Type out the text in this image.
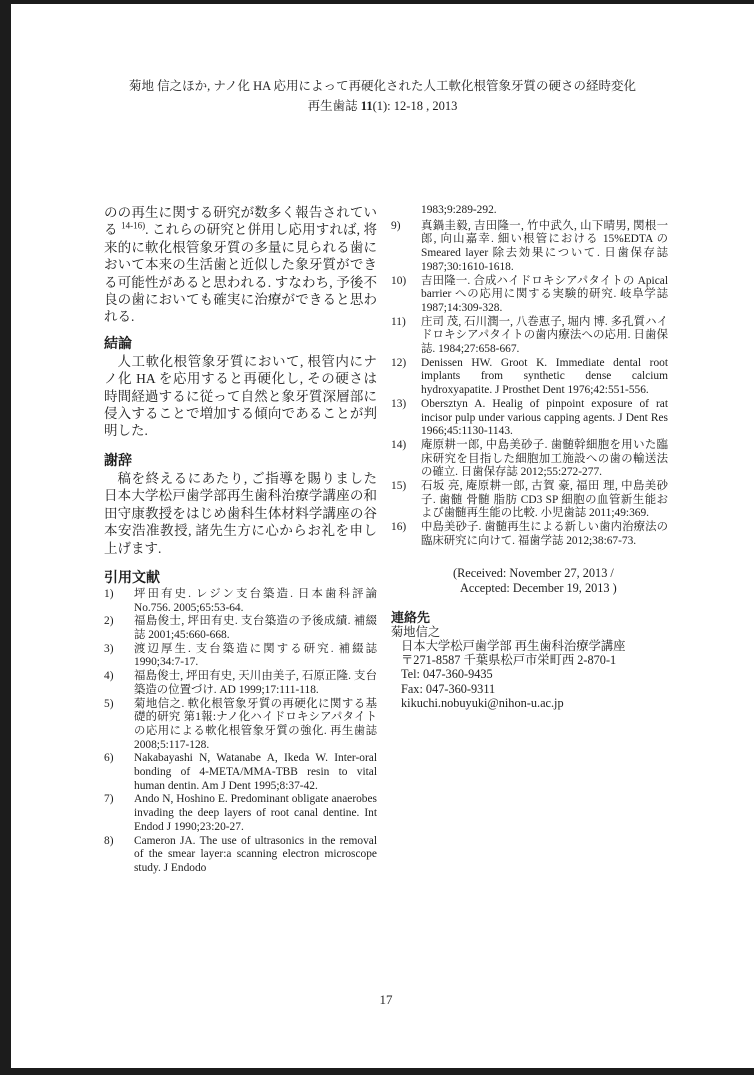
菊地 信之ほか, ナノ化 HA 応用によって再硬化された人工軟化根管象牙質の硬さの経時変化
再生歯誌 11(1): 12-18 , 2013

のの再生に関する研究が数多く報告されている $^{14-16)}$. これらの研究と併用し応用すれば, 将来的に軟化根管象牙質の多量に見られる歯において本来の生活歯と近似した象牙質ができる可能性があると思われる. すなわち, 予後不良の歯においても確実に治療ができると思われる.

結論

人工軟化根管象牙質において, 根管内にナノ化 HA を応用すると再硬化し, その硬さは時間経過するに従って自然と象牙質深層部に侵入することで増加する傾向であることが判明した.

謝辞

稿を終えるにあたり, ご指導を賜りました日本大学松戸歯学部再生歯科治療学講座の和田守康教授をはじめ歯科生体材料学講座の谷本安浩准教授, 諸先生方に心からお礼を申し上げます.

引用文献
1) 坪田有史. レジン支台築造. 日本歯科評論 No.756. 2005;65:53-64.
2) 福島俊士, 坪田有史. 支台築造の予後成績. 補綴誌 2001;45:660-668.
3) 渡辺厚生. 支台築造に関する研究. 補綴誌 1990;34:7-17.
4) 福島俊士, 坪田有史, 天川由美子, 石原正隆. 支台築造の位置づけ. AD 1999;17:111-118.
5) 菊地信之. 軟化根管象牙質の再硬化に関する基礎的研究 第1報:ナノ化ハイドロキシアパタイトの応用による軟化根管象牙質の強化. 再生歯誌 2008;5:117-128.
6) Nakabayashi N, Watanabe A, Ikeda W. Inter-oral bonding of 4-META/MMA-TBB resin to vital human dentin. Am J Dent 1995;8:37-42.
7) Ando N, Hoshino E. Predominant obligate anaerobes invading the deep layers of root canal dentine. Int Endod J 1990;23:20-27.
8) Cameron JA. The use of ultrasonics in the removal of the smear layer:a scanning electron microscope study. J Endodo
1983;9:289-292.
9) 真鍋圭毅, 吉田隆一, 竹中武久, 山下晴男, 関根一郎, 向山嘉幸. 細い根管における 15%EDTA の Smeared layer 除去効果について. 日歯保存誌 1987;30:1610-1618.
10) 吉田隆一. 合成ハイドロキシアパタイトの Apical barrier への応用に関する実験的研究. 岐阜学誌 1987;14:309-328.
11) 庄司 茂, 石川潤一, 八巻恵子, 堀内 博. 多孔質ハイドロキシアパタイトの歯内療法への応用. 日歯保誌. 1984;27:658-667.
12) Denissen HW. Groot K. Immediate dental root implants from synthetic dense calcium hydroxyapatite. J Prosthet Dent 1976;42:551-556.
13) Obersztyn A. Healig of pinpoint exposure of rat incisor pulp under various capping agents. J Dent Res 1966;45:1130-1143.
14) 庵原耕一郎, 中島美砂子. 歯髄幹細胞を用いた臨床研究を目指した細胞加工施設への歯の輸送法の確立. 日歯保存誌 2012;55:272-277.
15) 石坂 亮, 庵原耕一郎, 古賀 豪, 福田 理, 中島美砂子. 歯髄 骨髄 脂肪 CD3 SP 細胞の血管新生能および歯髄再生能の比較. 小児歯誌 2011;49:369.
16) 中島美砂子. 歯髄再生による新しい歯内治療法の臨床研究に向けて. 福歯学誌 2012;38:67-73.
(Received: November 27, 2013 /
Accepted: December 19, 2013 )
連絡先
菊地信之
日本大学松戸歯学部 再生歯科治療学講座
〒271-8587 千葉県松戸市栄町西 2-870-1
Tel: 047-360-9435
Fax: 047-360-9311
kikuchi.nobuyuki@nihon-u.ac.jp
17
